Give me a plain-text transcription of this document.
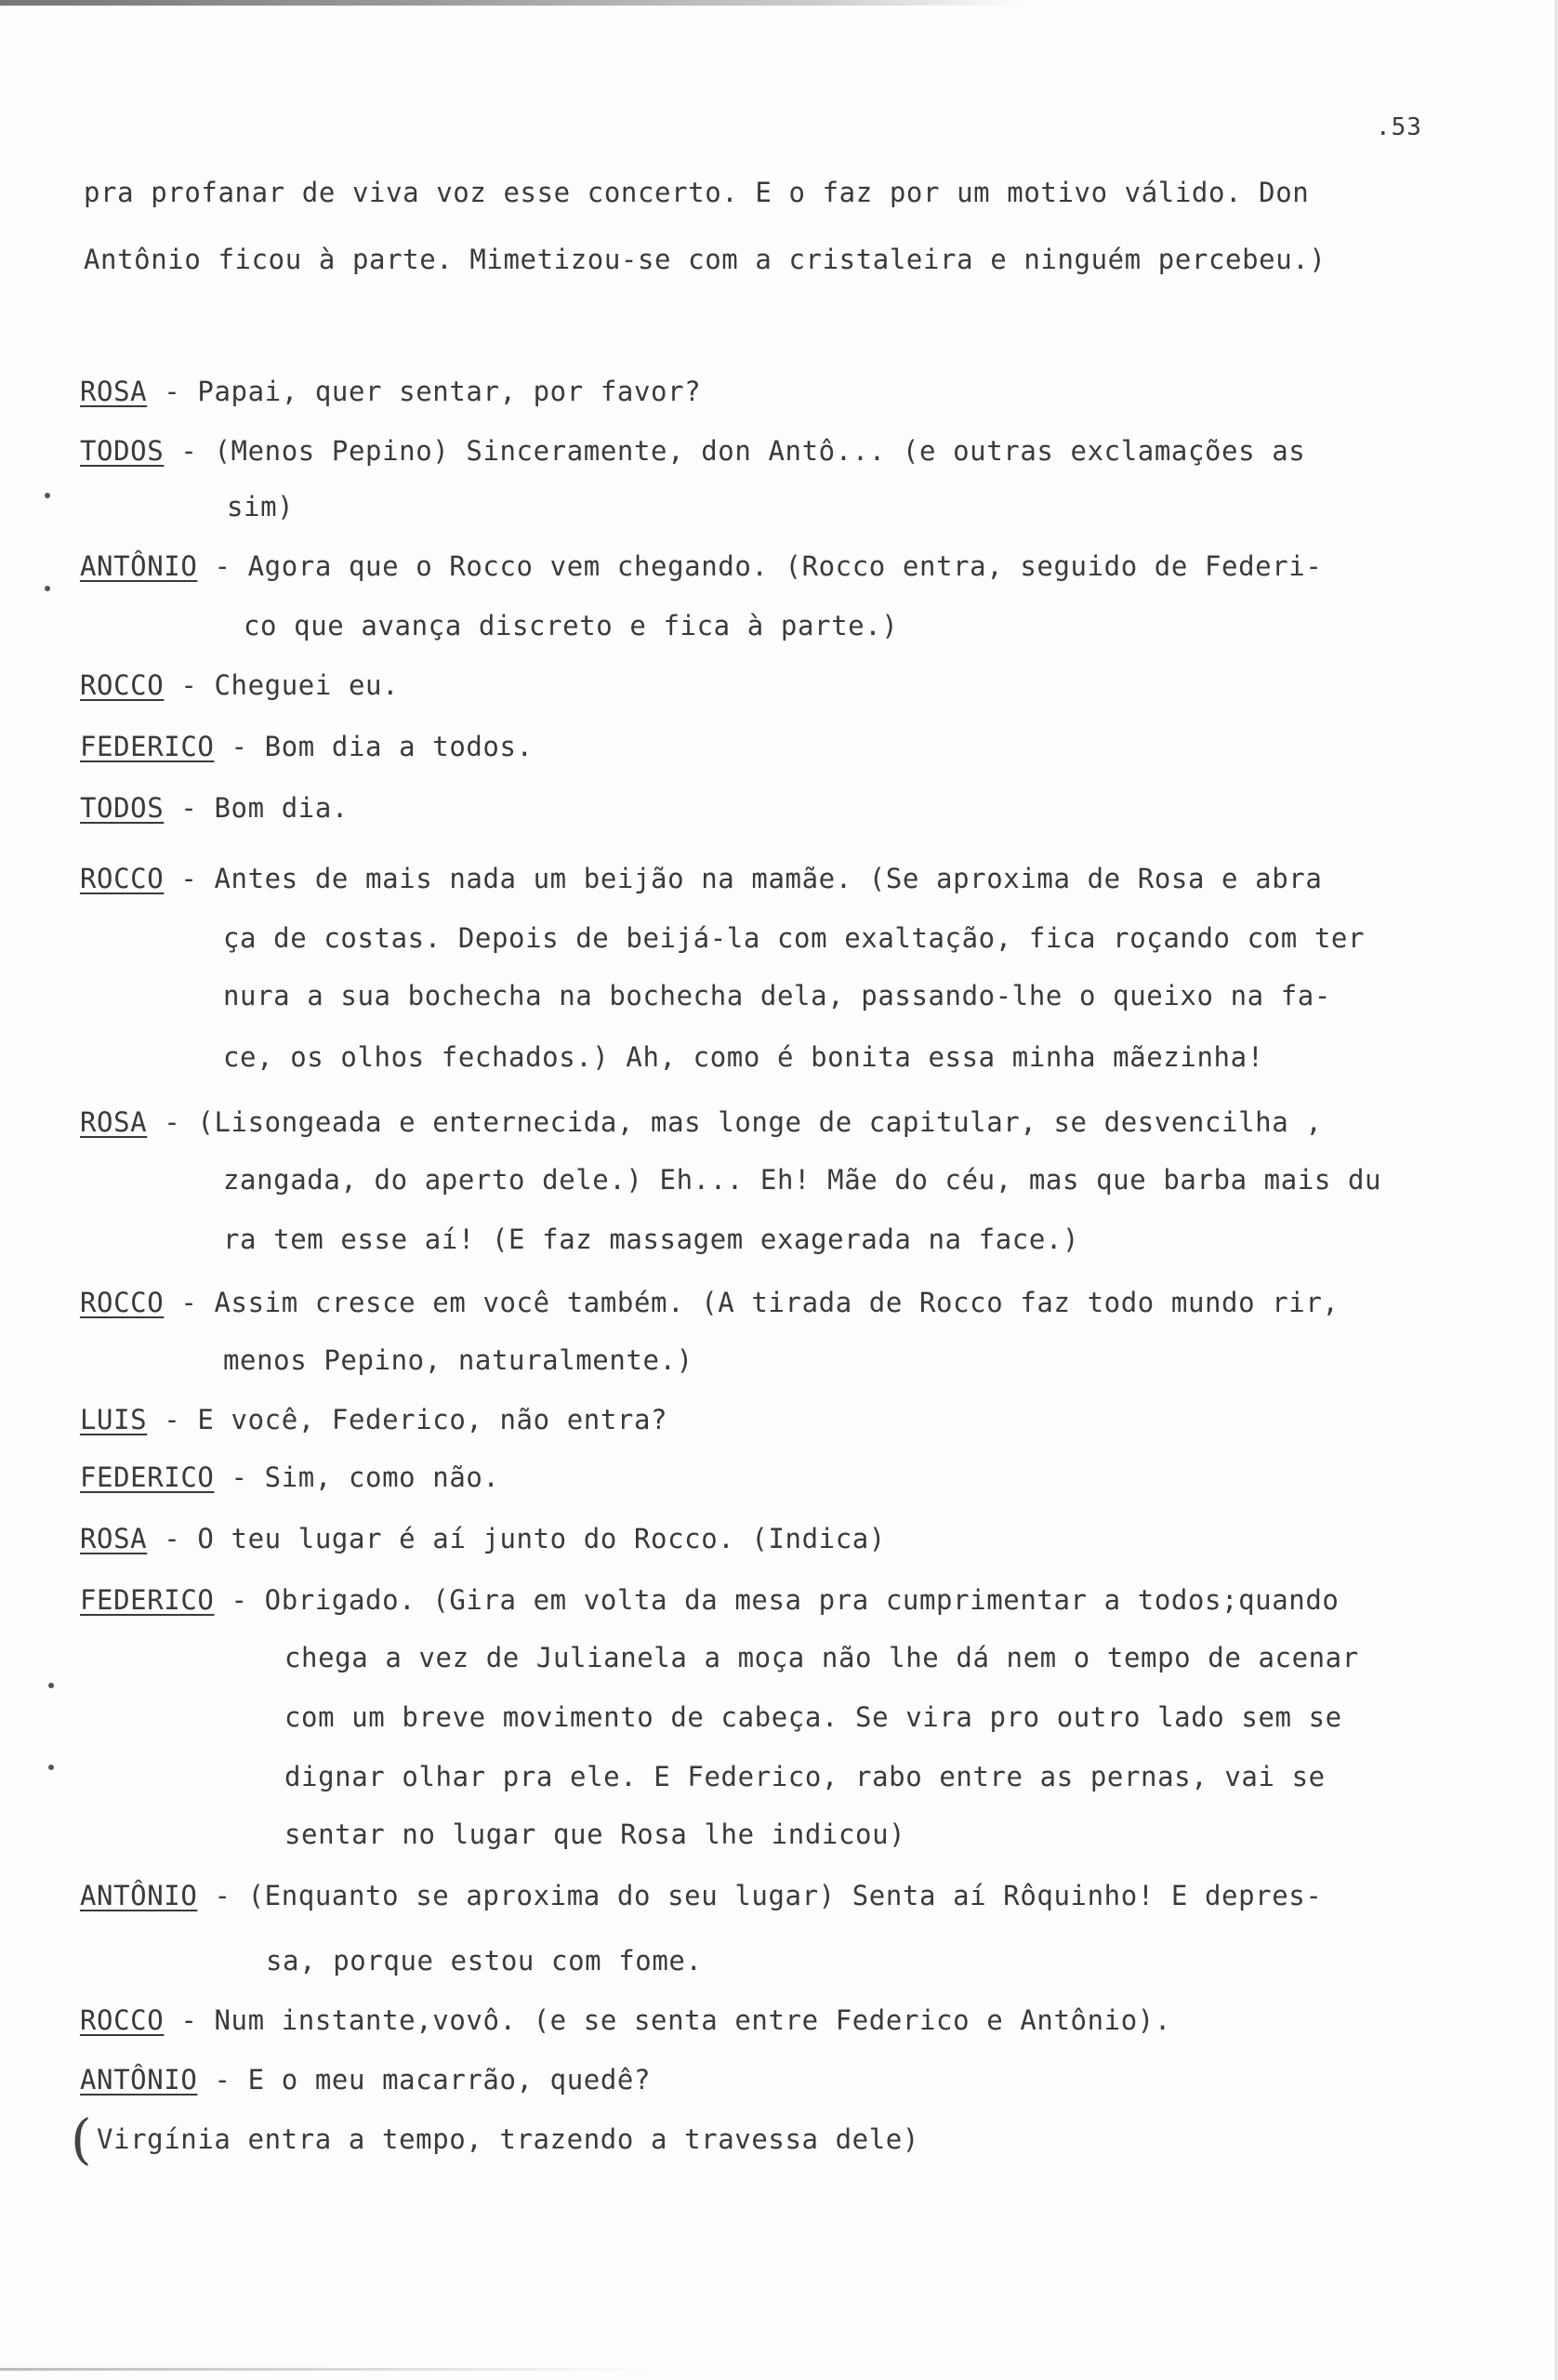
.53
pra profanar de viva voz esse concerto. E o faz por um motivo válido. Don
Antônio ficou à parte. Mimetizou-se com a cristaleira e ninguém percebeu.)
ROSA - Papai, quer sentar, por favor?
TODOS - (Menos Pepino) Sinceramente, don Antô... (e outras exclamações as
sim)
ANTÔNIO - Agora que o Rocco vem chegando. (Rocco entra, seguido de Federi-
co que avança discreto e fica à parte.)
ROCCO - Cheguei eu.
FEDERICO - Bom dia a todos.
TODOS - Bom dia.
ROCCO - Antes de mais nada um beijão na mamãe. (Se aproxima de Rosa e abra
ça de costas. Depois de beijá-la com exaltação, fica roçando com ter
nura a sua bochecha na bochecha dela, passando-lhe o queixo na fa-
ce, os olhos fechados.) Ah, como é bonita essa minha mãezinha!
ROSA - (Lisongeada e enternecida, mas longe de capitular, se desvencilha ,
zangada, do aperto dele.) Eh... Eh! Mãe do céu, mas que barba mais du
ra tem esse aí! (E faz massagem exagerada na face.)
ROCCO - Assim cresce em você também. (A tirada de Rocco faz todo mundo rir,
menos Pepino, naturalmente.)
LUIS - E você, Federico, não entra?
FEDERICO - Sim, como não.
ROSA - O teu lugar é aí junto do Rocco. (Indica)
FEDERICO - Obrigado. (Gira em volta da mesa pra cumprimentar a todos;quando
chega a vez de Julianela a moça não lhe dá nem o tempo de acenar
com um breve movimento de cabeça. Se vira pro outro lado sem se
dignar olhar pra ele. E Federico, rabo entre as pernas, vai se
sentar no lugar que Rosa lhe indicou)
ANTÔNIO - (Enquanto se aproxima do seu lugar) Senta aí Rôquinho! E depres-
sa, porque estou com fome.
ROCCO - Num instante,vovô. (e se senta entre Federico e Antônio).
ANTÔNIO - E o meu macarrão, quedê?
Virgínia entra a tempo, trazendo a travessa dele)
(
